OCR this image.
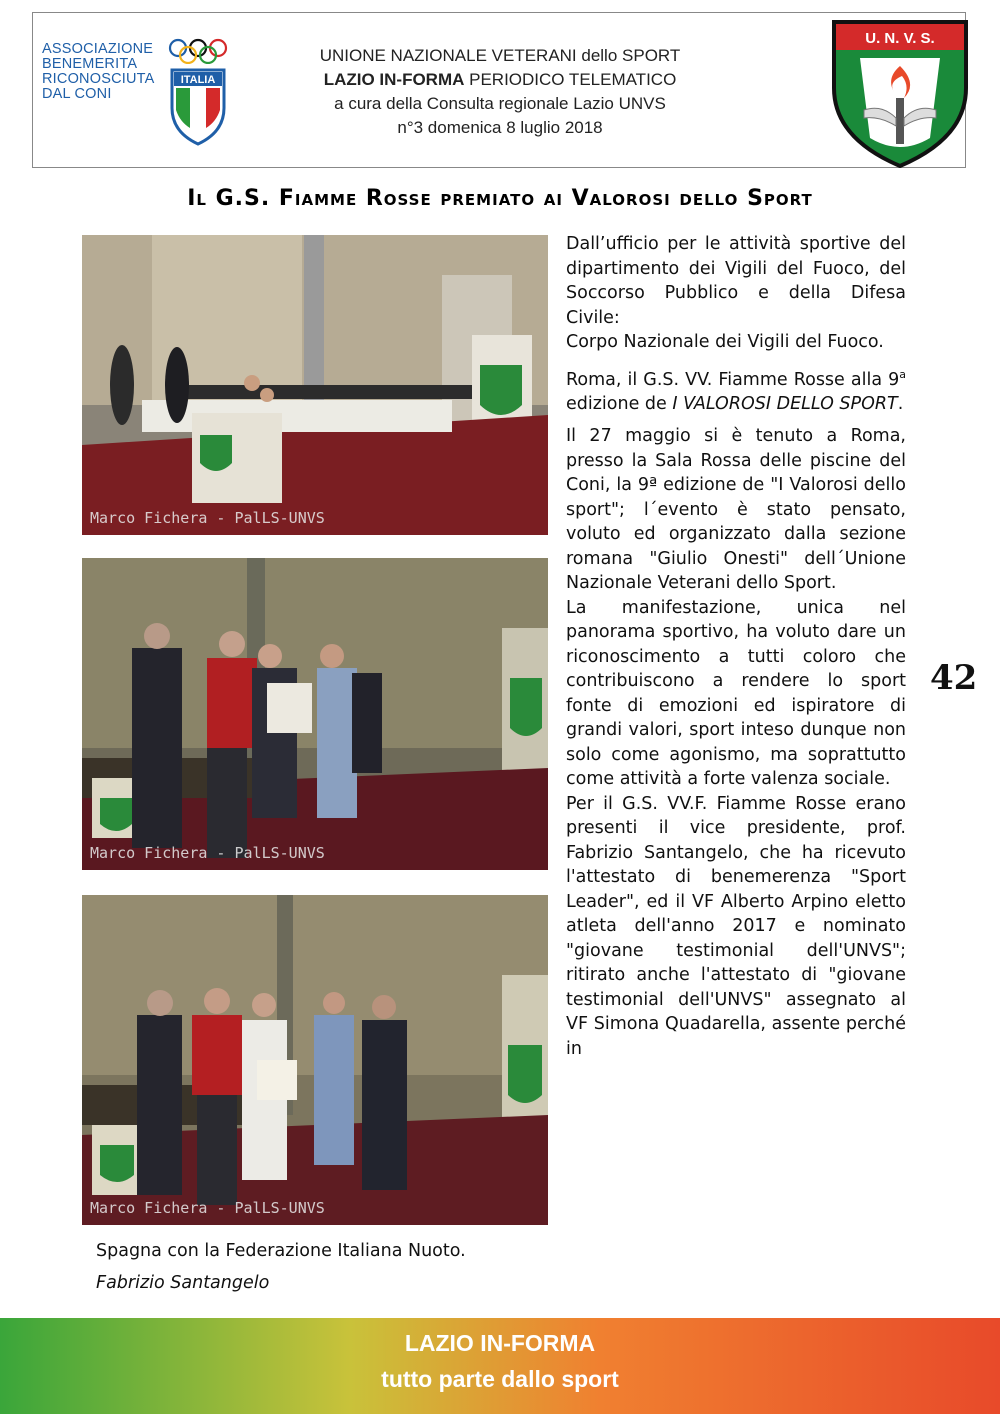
ASSOCIAZIONE
BENEMERITA
RICONOSCIUTA
DAL CONI
ITALIA
UNIONE NAZIONALE VETERANI dello SPORT
LAZIO IN-FORMA PERIODICO TELEMATICO
a cura della Consulta regionale Lazio UNVS
n°3 domenica 8 luglio 2018
U. N. V. S.
Il G.S. Fiamme Rosse premiato ai Valorosi dello Sport
Marco Fichera - PalLS-UNVS
Marco Fichera - PalLS-UNVS
Marco Fichera - PalLS-UNVS

Dall’ufficio per le attività sportive del dipartimento dei Vigili del Fuoco, del Soccorso Pubblico e della Difesa Civile:

Corpo Nazionale dei Vigili del Fuoco.

Roma, il G.S. VV. Fiamme Rosse alla 9$^a$ edizione de I VALOROSI DELLO SPORT.

Il 27 maggio si è tenuto a Roma, presso la Sala Rossa delle piscine del Coni, la 9ª edizione de "I Valorosi dello sport"; l´evento è stato pensato, voluto ed organizzato dalla sezione romana "Giulio Onesti" dell´Unione Nazionale Veterani dello Sport.

La manifestazione, unica nel panorama sportivo, ha voluto dare un riconoscimento a tutti coloro che contribuiscono a rendere lo sport fonte di emozioni ed ispiratore di grandi valori, sport inteso dunque non solo come agonismo, ma soprattutto come attività a forte valenza sociale.

Per il G.S. VV.F. Fiamme Rosse erano presenti il vice presidente, prof. Fabrizio Santangelo, che ha ricevuto l'attestato di benemerenza "Sport Leader", ed il VF Alberto Arpino eletto atleta dell'anno 2017 e nominato "giovane testimonial dell'UNVS"; ritirato anche l'attestato di "giovane testimonial dell'UNVS" assegnato al VF Simona Quadarella, assente perché in

Spagna con la Federazione Italiana Nuoto.
Fabrizio Santangelo
42
LAZIO IN-FORMA
tutto parte dallo sport
